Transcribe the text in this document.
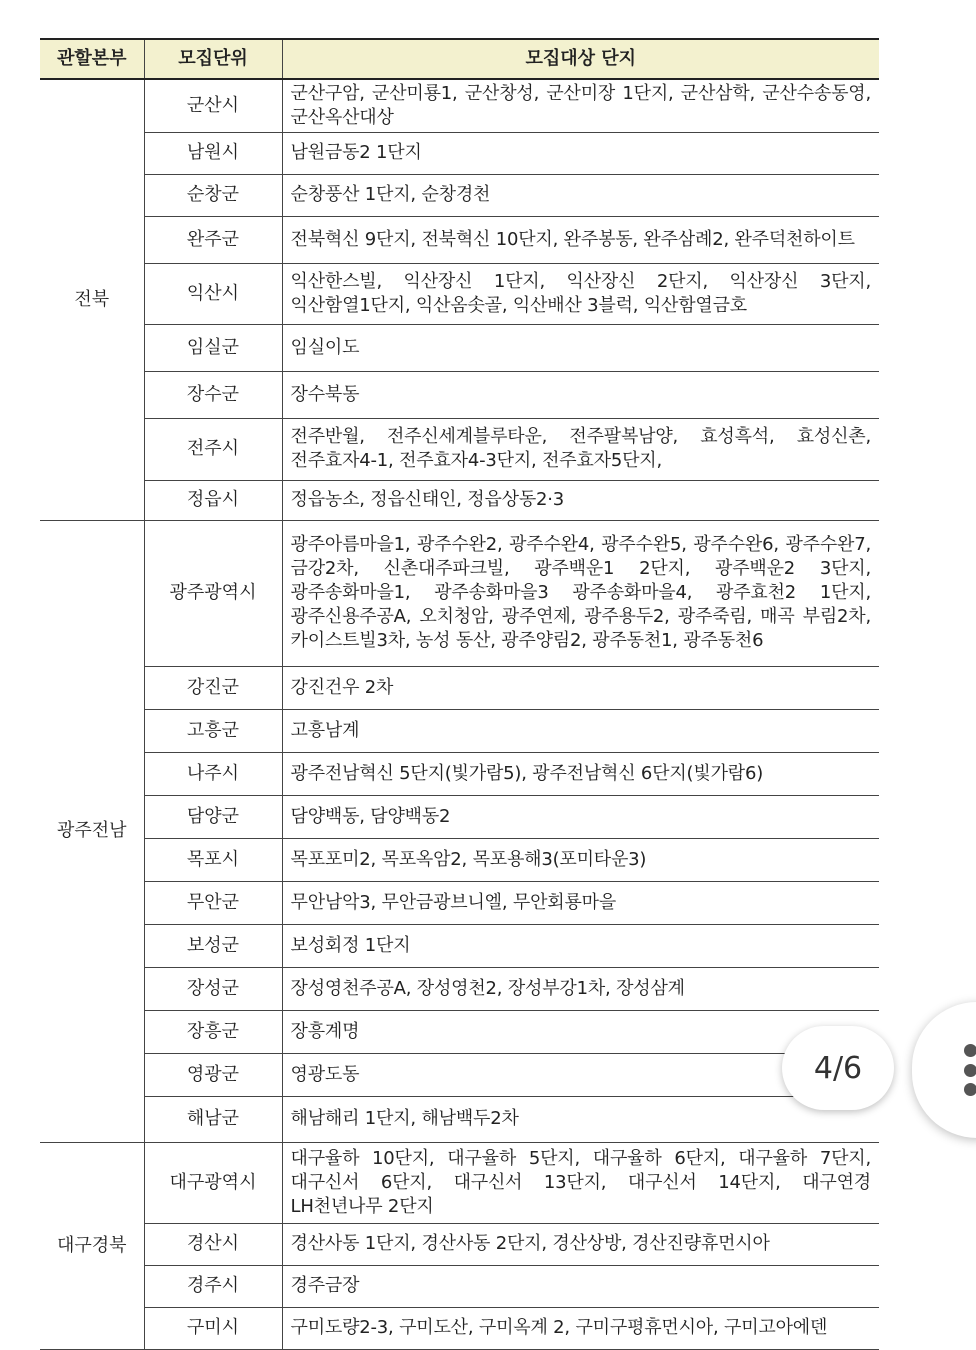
관할본부	모집단위	모집대상 단지
전북	군산시	군산구암, 군산미룡1, 군산창성, 군산미장 1단지, 군산삼학, 군산수송동영, 군산옥산대상
	남원시	남원금동2 1단지
	순창군	순창풍산 1단지, 순창경천
	완주군	전북혁신 9단지, 전북혁신 10단지, 완주봉동, 완주삼례2, 완주덕천하이트
	익산시	익산한스빌, 익산장신 1단지, 익산장신 2단지, 익산장신 3단지, 익산함열1단지, 익산옴솟골, 익산배산 3블럭, 익산함열금호
	임실군	임실이도
	장수군	장수북동
	전주시	전주반월, 전주신세계블루타운, 전주팔복남양, 효성흑석, 효성신촌, 전주효자4-1, 전주효자4-3단지, 전주효자5단지,
	정읍시	정읍농소, 정읍신태인, 정읍상동2·3
광주전남	광주광역시	광주아름마을1, 광주수완2, 광주수완4, 광주수완5, 광주수완6, 광주수완7, 금강2차, 신촌대주파크빌, 광주백운1 2단지, 광주백운2 3단지, 광주송화마을1, 광주송화마을3 광주송화마을4, 광주효천2 1단지, 광주신용주공A, 오치청암, 광주연제, 광주용두2, 광주죽림, 매곡 부림2차, 카이스트빌3차, 농성 동산, 광주양림2, 광주동천1, 광주동천6
	강진군	강진건우 2차
	고흥군	고흥남계
	나주시	광주전남혁신 5단지(빛가람5), 광주전남혁신 6단지(빛가람6)
	담양군	담양백동, 담양백동2
	목포시	목포포미2, 목포옥암2, 목포용해3(포미타운3)
	무안군	무안남악3, 무안금광브니엘, 무안회룡마을
	보성군	보성회정 1단지
	장성군	장성영천주공A, 장성영천2, 장성부강1차, 장성삼계
	장흥군	장흥계명
	영광군	영광도동
	해남군	해남해리 1단지, 해남백두2차
대구경북	대구광역시	대구율하 10단지, 대구율하 5단지, 대구율하 6단지, 대구율하 7단지, 대구신서 6단지, 대구신서 13단지, 대구신서 14단지, 대구연경 LH천년나무 2단지
	경산시	경산사동 1단지, 경산사동 2단지, 경산상방, 경산진량휴먼시아
	경주시	경주금장
	구미시	구미도량2-3, 구미도산, 구미옥계 2, 구미구평휴먼시아, 구미고아에덴
4/6
